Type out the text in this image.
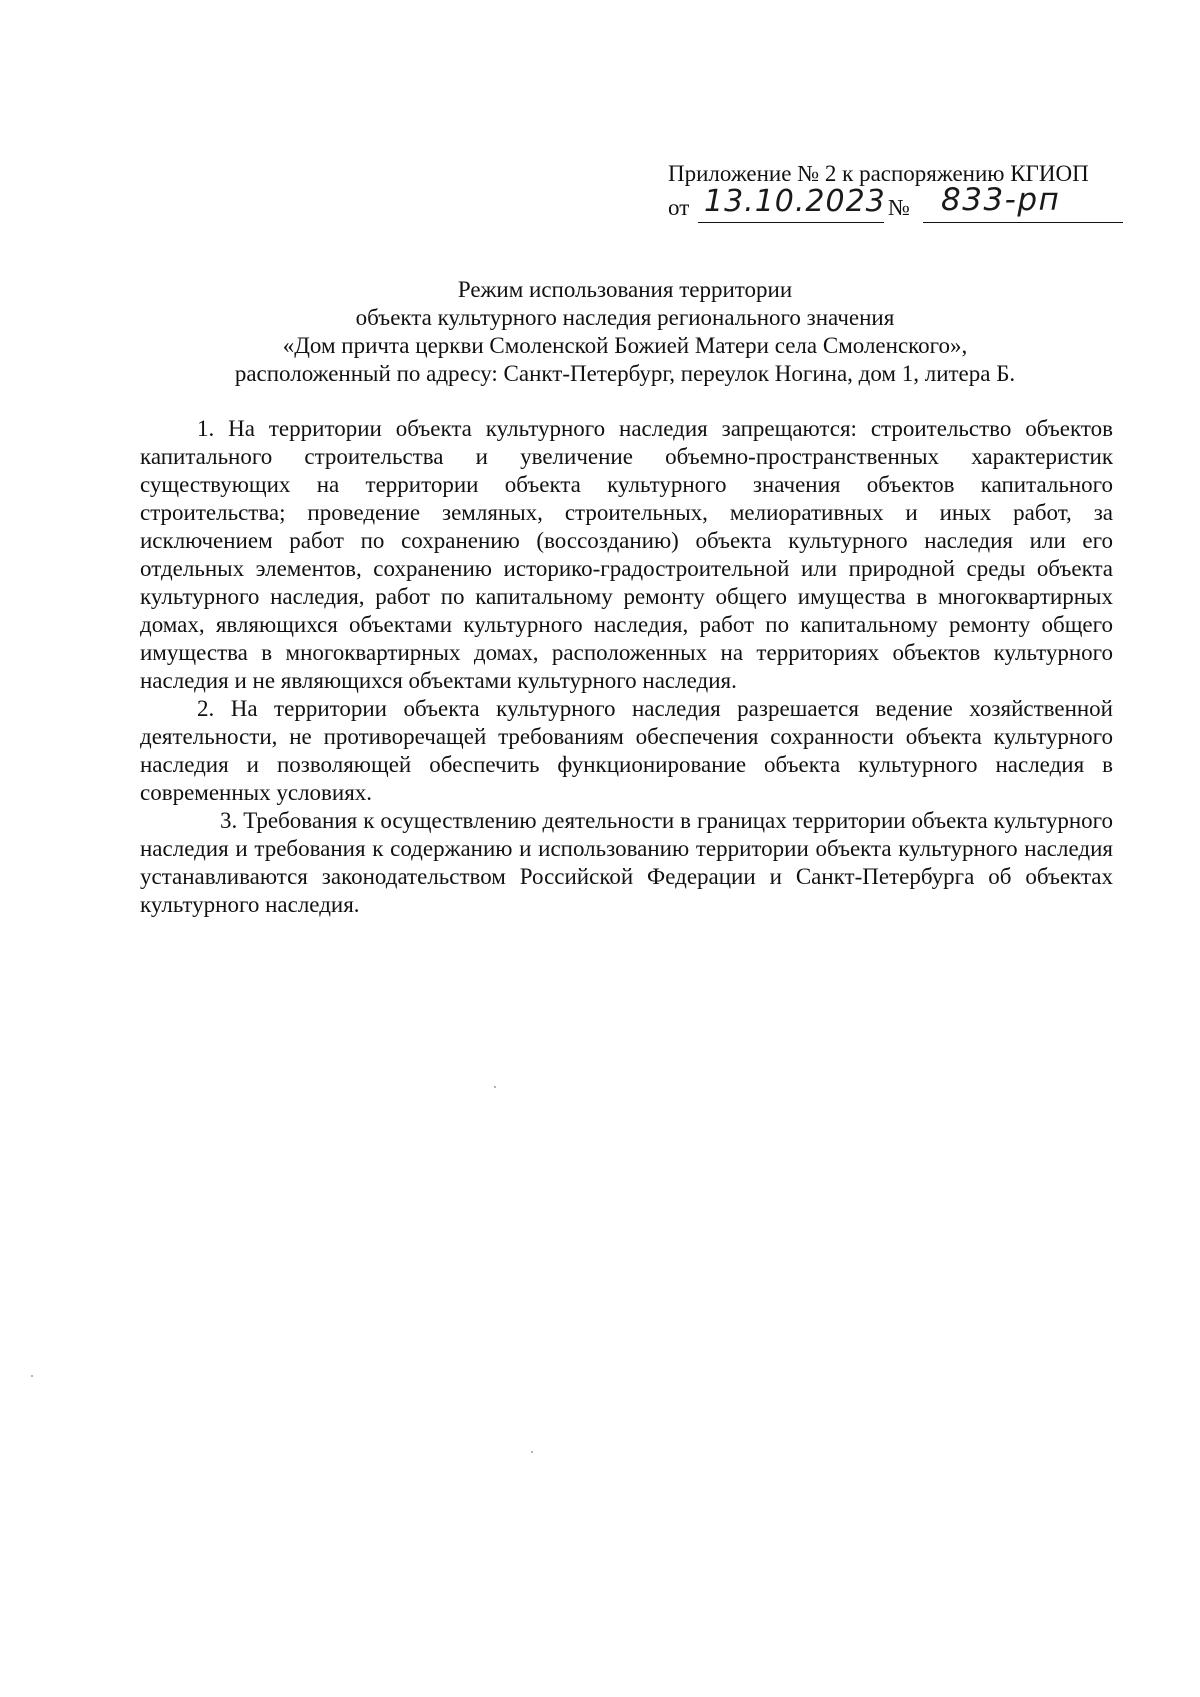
Приложение № 2 к распоряжению КГИОП
от 13.10.2023 № 833-рп
Режим использования территории
объекта культурного наследия регионального значения
«Дом причта церкви Смоленской Божией Матери села Смоленского»,
расположенный по адресу: Санкт-Петербург, переулок Ногина, дом 1, литера Б.

1. На территории объекта культурного наследия запрещаются: строительство объектов капитального строительства и увеличение объемно-пространственных характеристик существующих на территории объекта культурного значения объектов капитального строительства; проведение земляных, строительных, мелиоративных и иных работ, за исключением работ по сохранению (воссозданию) объекта культурного наследия или его отдельных элементов, сохранению историко-градостроительной или природной среды объекта культурного наследия, работ по капитальному ремонту общего имущества в многоквартирных домах, являющихся объектами культурного наследия, работ по капитальному ремонту общего имущества в многоквартирных домах, расположенных на территориях объектов культурного наследия и не являющихся объектами культурного наследия.

2. На территории объекта культурного наследия разрешается ведение хозяйственной деятельности, не противоречащей требованиям обеспечения сохранности объекта культурного наследия и позволяющей обеспечить функционирование объекта культурного наследия в современных условиях.

3. Требования к осуществлению деятельности в границах территории объекта культурного наследия и требования к содержанию и использованию территории объекта культурного наследия устанавливаются законодательством Российской Федерации и Санкт-Петербурга об объектах культурного наследия.
